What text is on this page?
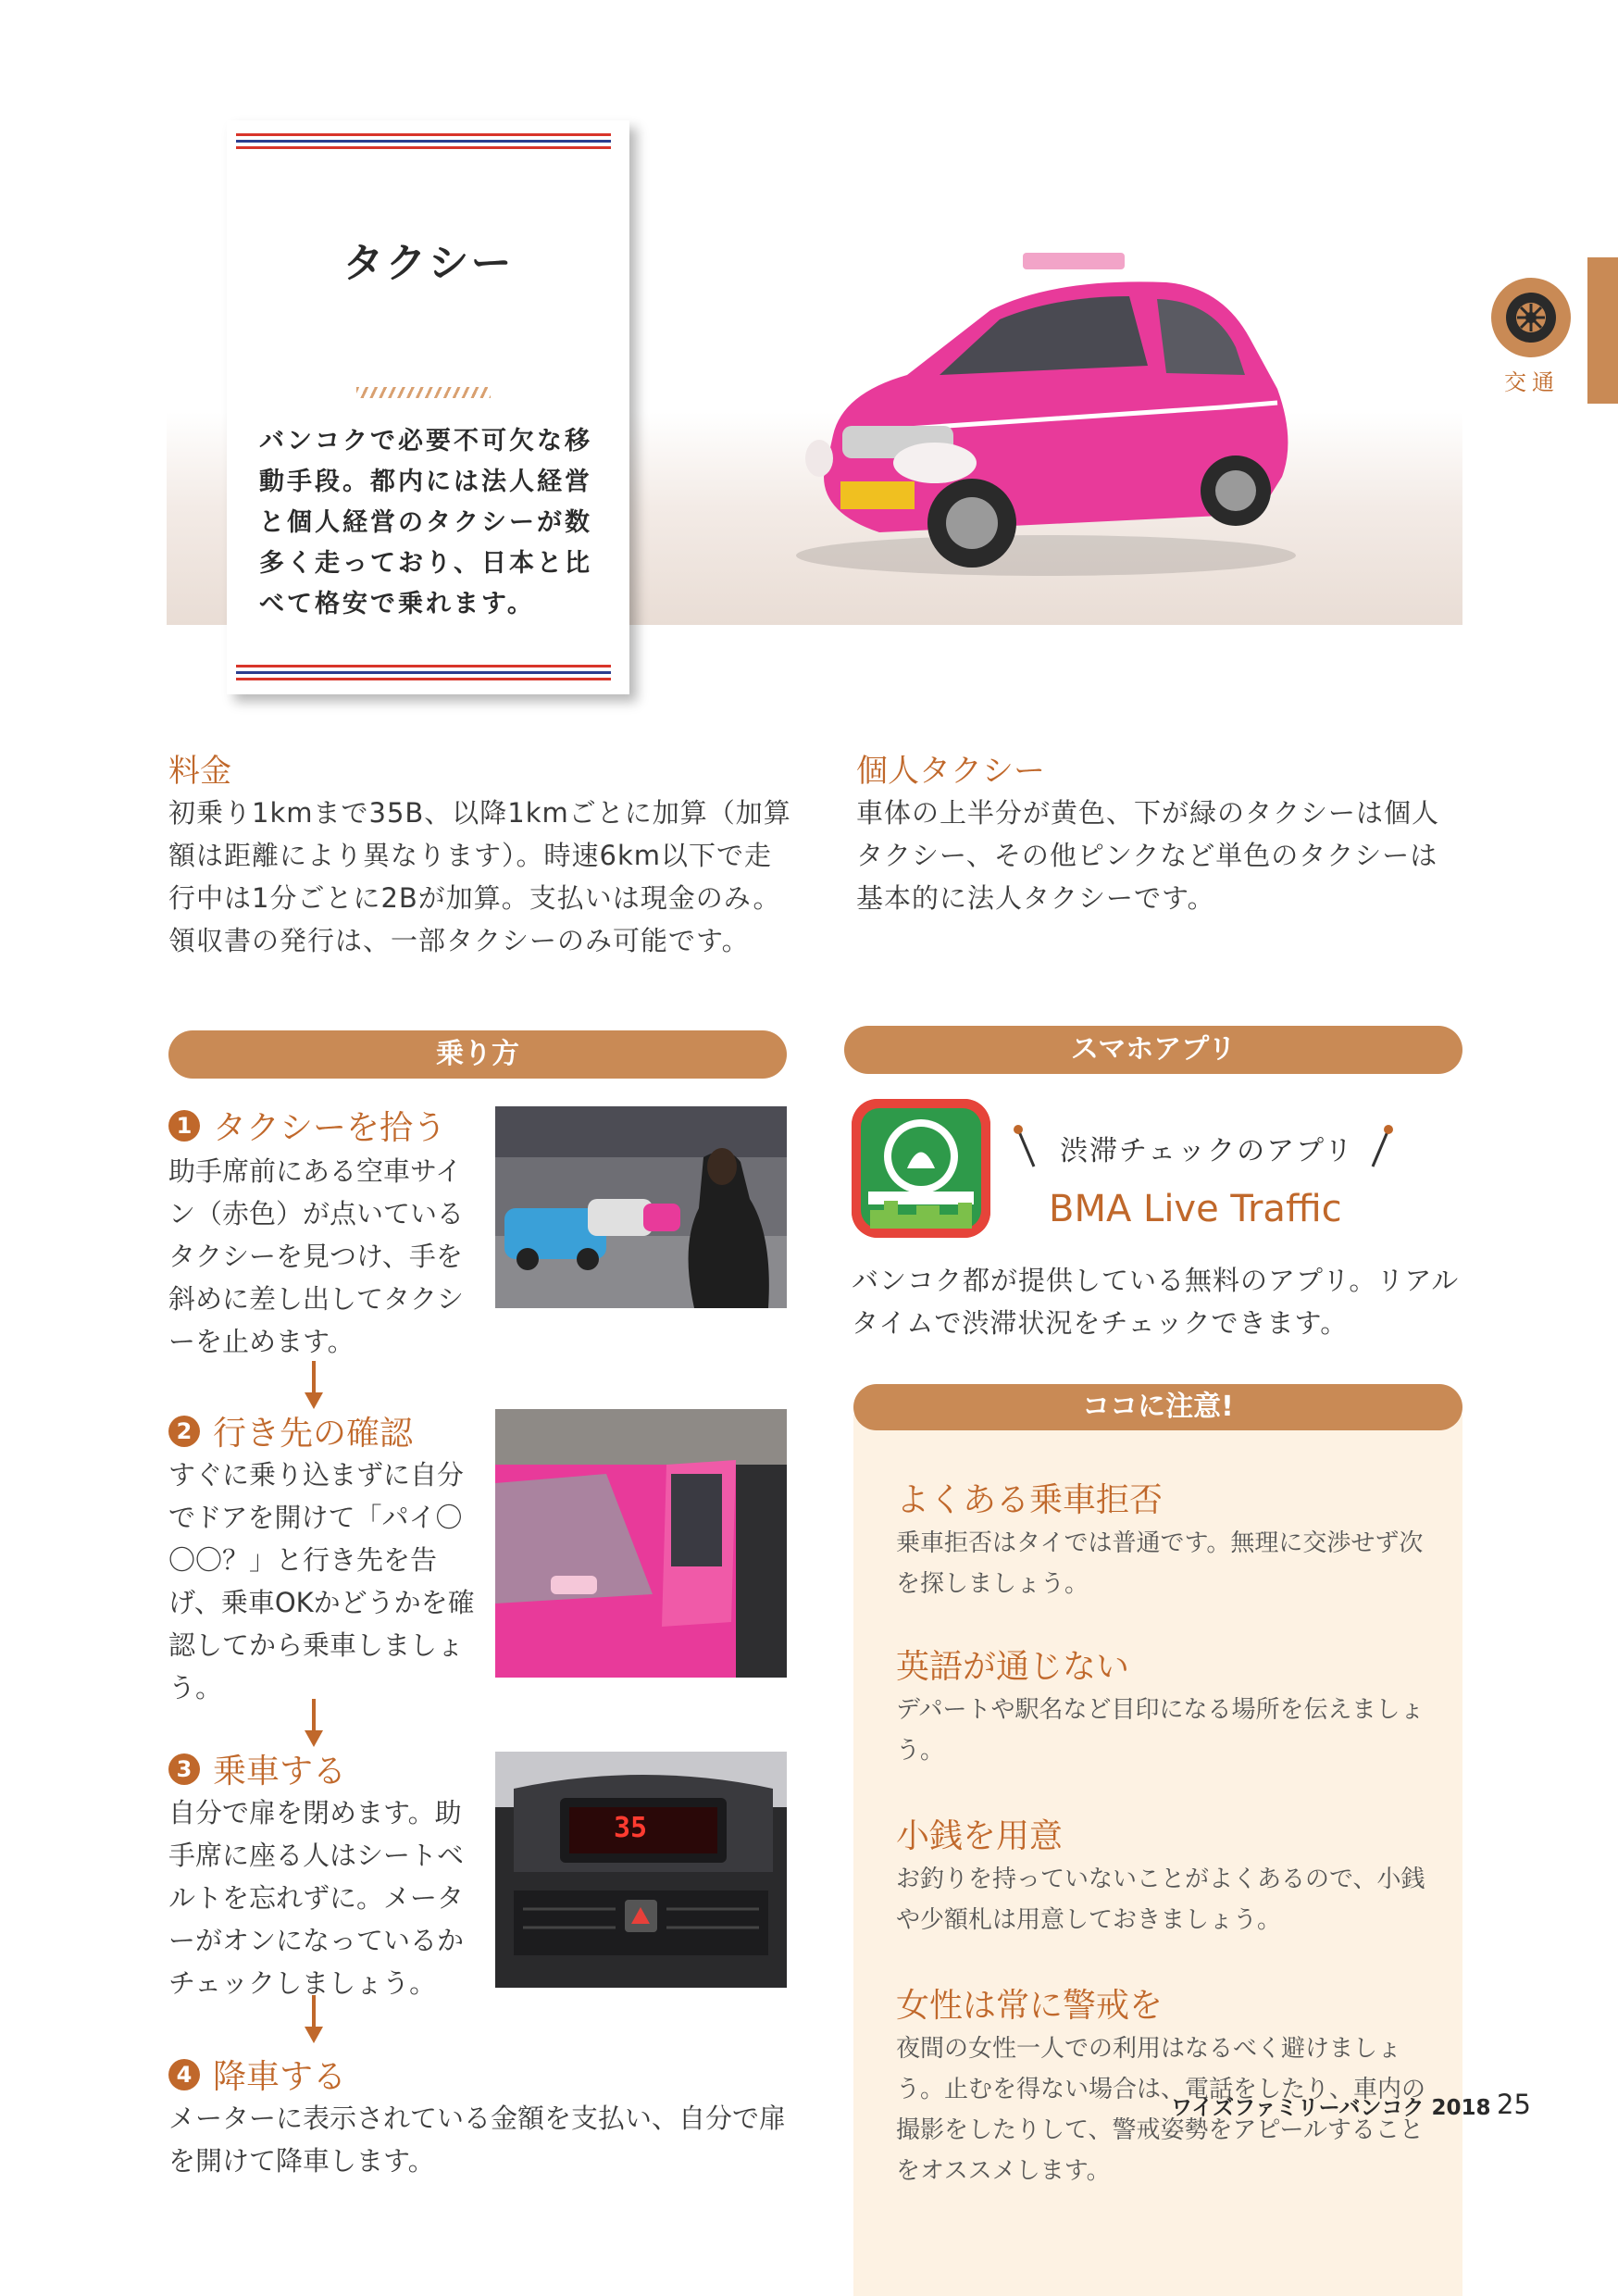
タクシー
バンコクで必要不可欠な移動手段。都内には法人経営と個人経営のタクシーが数多く走っており、日本と比べて格安で乗れます。
交通
料金
初乗り1kmまで35B、以降1kmごとに加算（加算額は距離により異なります）。時速6km以下で走行中は1分ごとに2Bが加算。支払いは現金のみ。領収書の発行は、一部タクシーのみ可能です。
個人タクシー
車体の上半分が黄色、下が緑のタクシーは個人タクシー、その他ピンクなど単色のタクシーは基本的に法人タクシーです。
乗り方
1 タクシーを拾う
助手席前にある空車サイン（赤色）が点いているタクシーを見つけ、手を斜めに差し出してタクシーを止めます。
2 行き先の確認
すぐに乗り込まずに自分でドアを開けて「パイ〇〇〇？」と行き先を告げ、乗車OKかどうかを確認してから乗車しましょう。
3 乗車する
自分で扉を閉めます。助手席に座る人はシートベルトを忘れずに。メーターがオンになっているかチェックしましょう。
35
4 降車する
メーターに表示されている金額を支払い、自分で扉を開けて降車します。
スマホアプリ
渋滞チェックのアプリ
BMA Live Traffic
バンコク都が提供している無料のアプリ。リアルタイムで渋滞状況をチェックできます。
ココに注意!
よくある乗車拒否
乗車拒否はタイでは普通です。無理に交渉せず次を探しましょう。
英語が通じない
デパートや駅名など目印になる場所を伝えましょう。
小銭を用意
お釣りを持っていないことがよくあるので、小銭や少額札は用意しておきましょう。
女性は常に警戒を
夜間の女性一人での利用はなるべく避けましょう。止むを得ない場合は、電話をしたり、車内の撮影をしたりして、警戒姿勢をアピールすることをオススメします。
ワイズファミリーバンコク 2018 25
